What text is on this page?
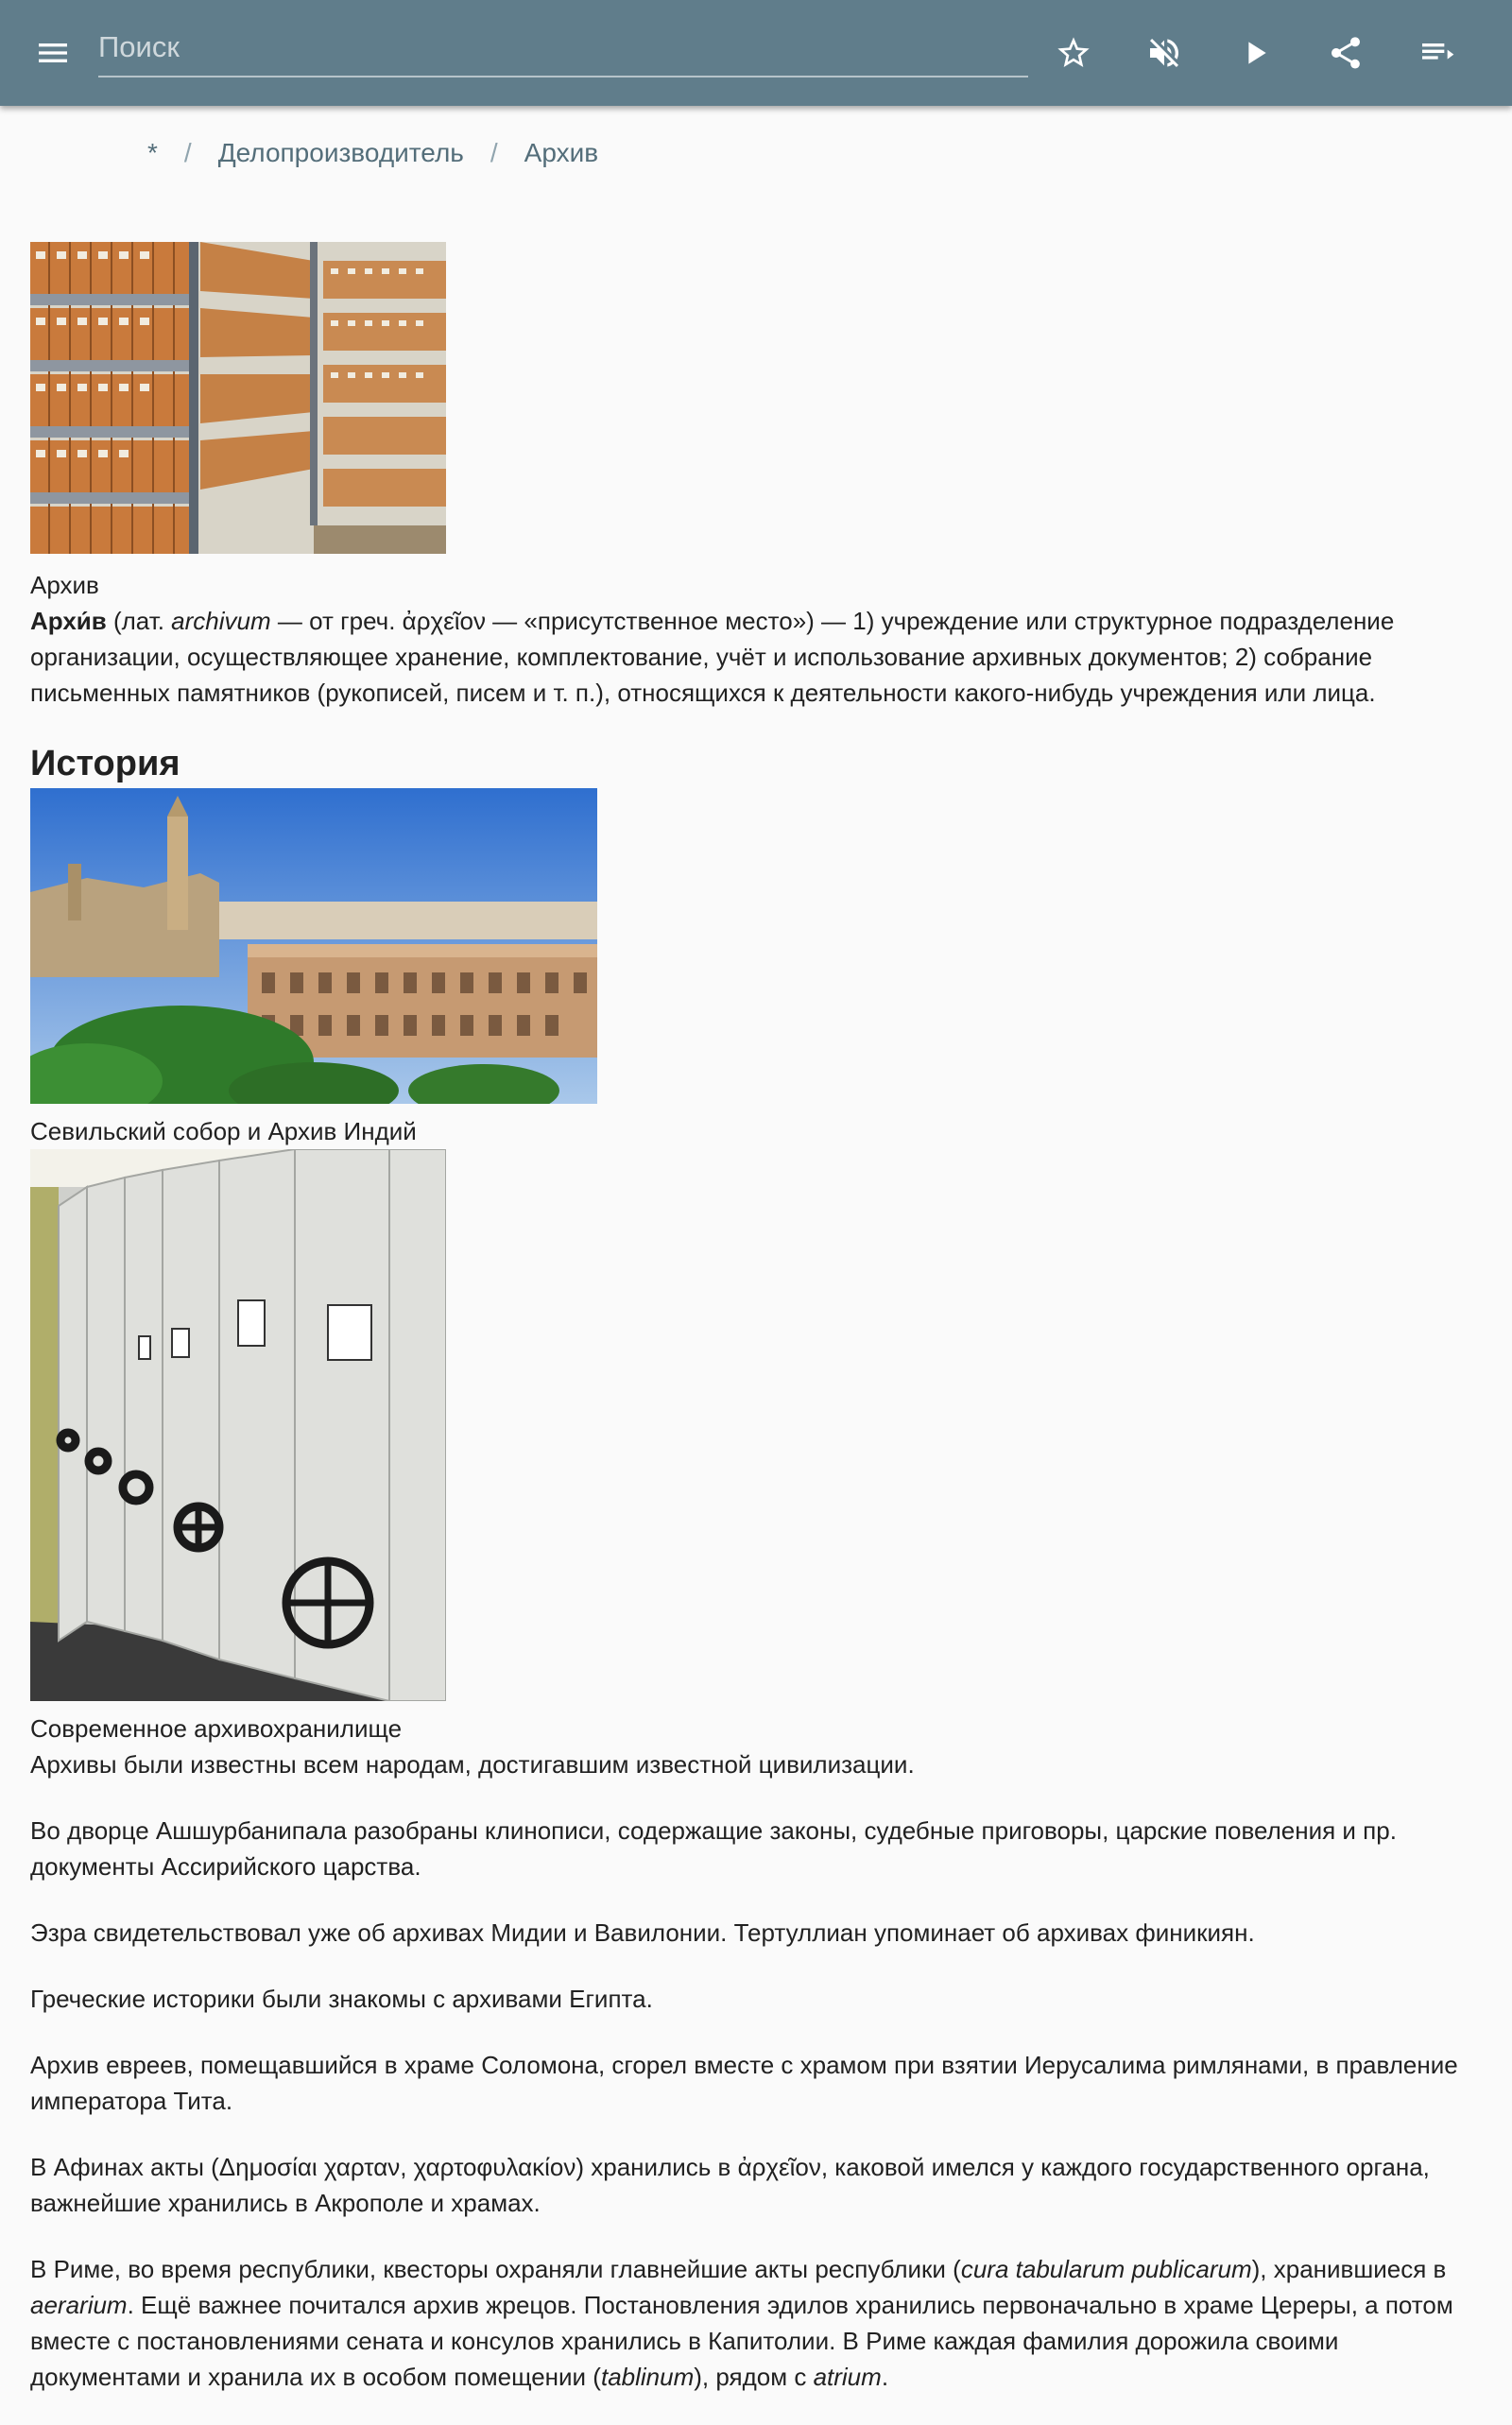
Поиск
* / Делопроизводитель / Архив
Архив

Архи́в (лат. archivum — от греч. ἀρχεῖον — «присутственное место») — 1) учреждение или структурное подразделение организации, осуществляющее хранение, комплектование, учёт и использование архивных документов; 2) собрание письменных памятников (рукописей, писем и т. п.), относящихся к деятельности какого-нибудь учреждения или лица.

История
Севильский собор и Архив Индий
Современное архивохранилище

Архивы были известны всем народам, достигавшим известной цивилизации.

Во дворце Ашшурбанипала разобраны клинописи, содержащие законы, судебные приговоры, царские повеления и пр. документы Ассирийского царства.

Эзра свидетельствовал уже об архивах Мидии и Вавилонии. Тертуллиан упоминает об архивах финикиян.

Греческие историки были знакомы с архивами Египта.

Архив евреев, помещавшийся в храме Соломона, сгорел вместе с храмом при взятии Иерусалима римлянами, в правление императора Тита.

В Афинах акты (Δημοσίαι χαρταν, χαρτοφυλακίον) хранились в ἀρχεῖον, каковой имелся у каждого государственного органа, важнейшие хранились в Акрополе и храмах.

В Риме, во время республики, квесторы охраняли главнейшие акты республики (cura tabularum publicarum), хранившиеся в aerarium. Ещё важнее почитался архив жрецов. Постановления эдилов хранились первоначально в храме Цереры, а потом вместе с постановлениями сената и консулов хранились в Капитолии. В Риме каждая фамилия дорожила своими документами и хранила их в особом помещении (tablinum), рядом с atrium.
